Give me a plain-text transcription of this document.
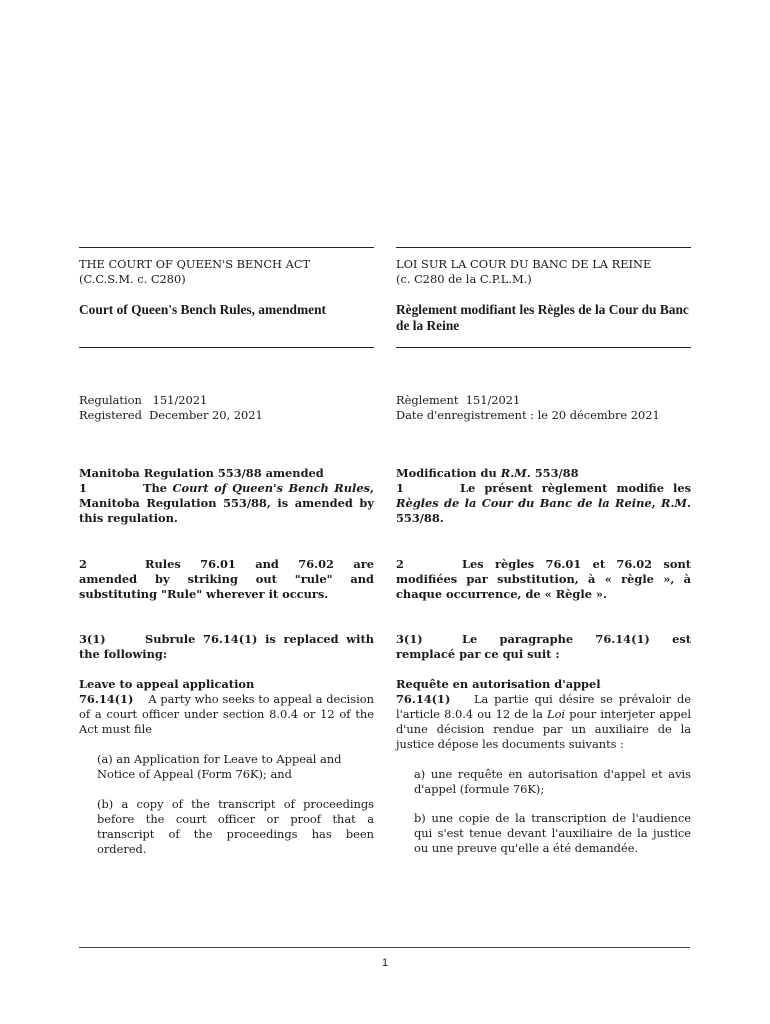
THE COURT OF QUEEN'S BENCH ACT
(C.C.S.M. c. C280)
Court of Queen's Bench Rules, amendment
Regulation 151/2021
Registered December 20, 2021
Manitoba Regulation 553/88 amended
1	The Court of Queen's Bench Rules, Manitoba Regulation 553/88, is amended by this regulation.
2	Rules 76.01 and 76.02 are amended by striking out "rule" and substituting "Rule" wherever it occurs.
3(1)	Subrule 76.14(1) is replaced with the following:
Leave to appeal application
76.14(1) A party who seeks to appeal a decision of a court officer under section 8.0.4 or 12 of the Act must file
(a) an Application for Leave to Appeal and Notice of Appeal (Form 76K); and
(b) a copy of the transcript of proceedings before the court officer or proof that a transcript of the proceedings has been ordered.
LOI SUR LA COUR DU BANC DE LA REINE
(c. C280 de la C.P.L.M.)
Règlement modifiant les Règles de la Cour du Banc de la Reine
Règlement 151/2021
Date d'enregistrement : le 20 décembre 2021
Modification du R.M. 553/88
1	Le présent règlement modifie les Règles de la Cour du Banc de la Reine, R.M. 553/88.
2	Les règles 76.01 et 76.02 sont modifiées par substitution, à « règle », à chaque occurrence, de « Règle ».
3(1)	Le paragraphe 76.14(1) est remplacé par ce qui suit :
Requête en autorisation d'appel
76.14(1) La partie qui désire se prévaloir de l'article 8.0.4 ou 12 de la Loi pour interjeter appel d'une décision rendue par un auxiliaire de la justice dépose les documents suivants :
a) une requête en autorisation d'appel et avis d'appel (formule 76K);
b) une copie de la transcription de l'audience qui s'est tenue devant l'auxiliaire de la justice ou une preuve qu'elle a été demandée.
1
